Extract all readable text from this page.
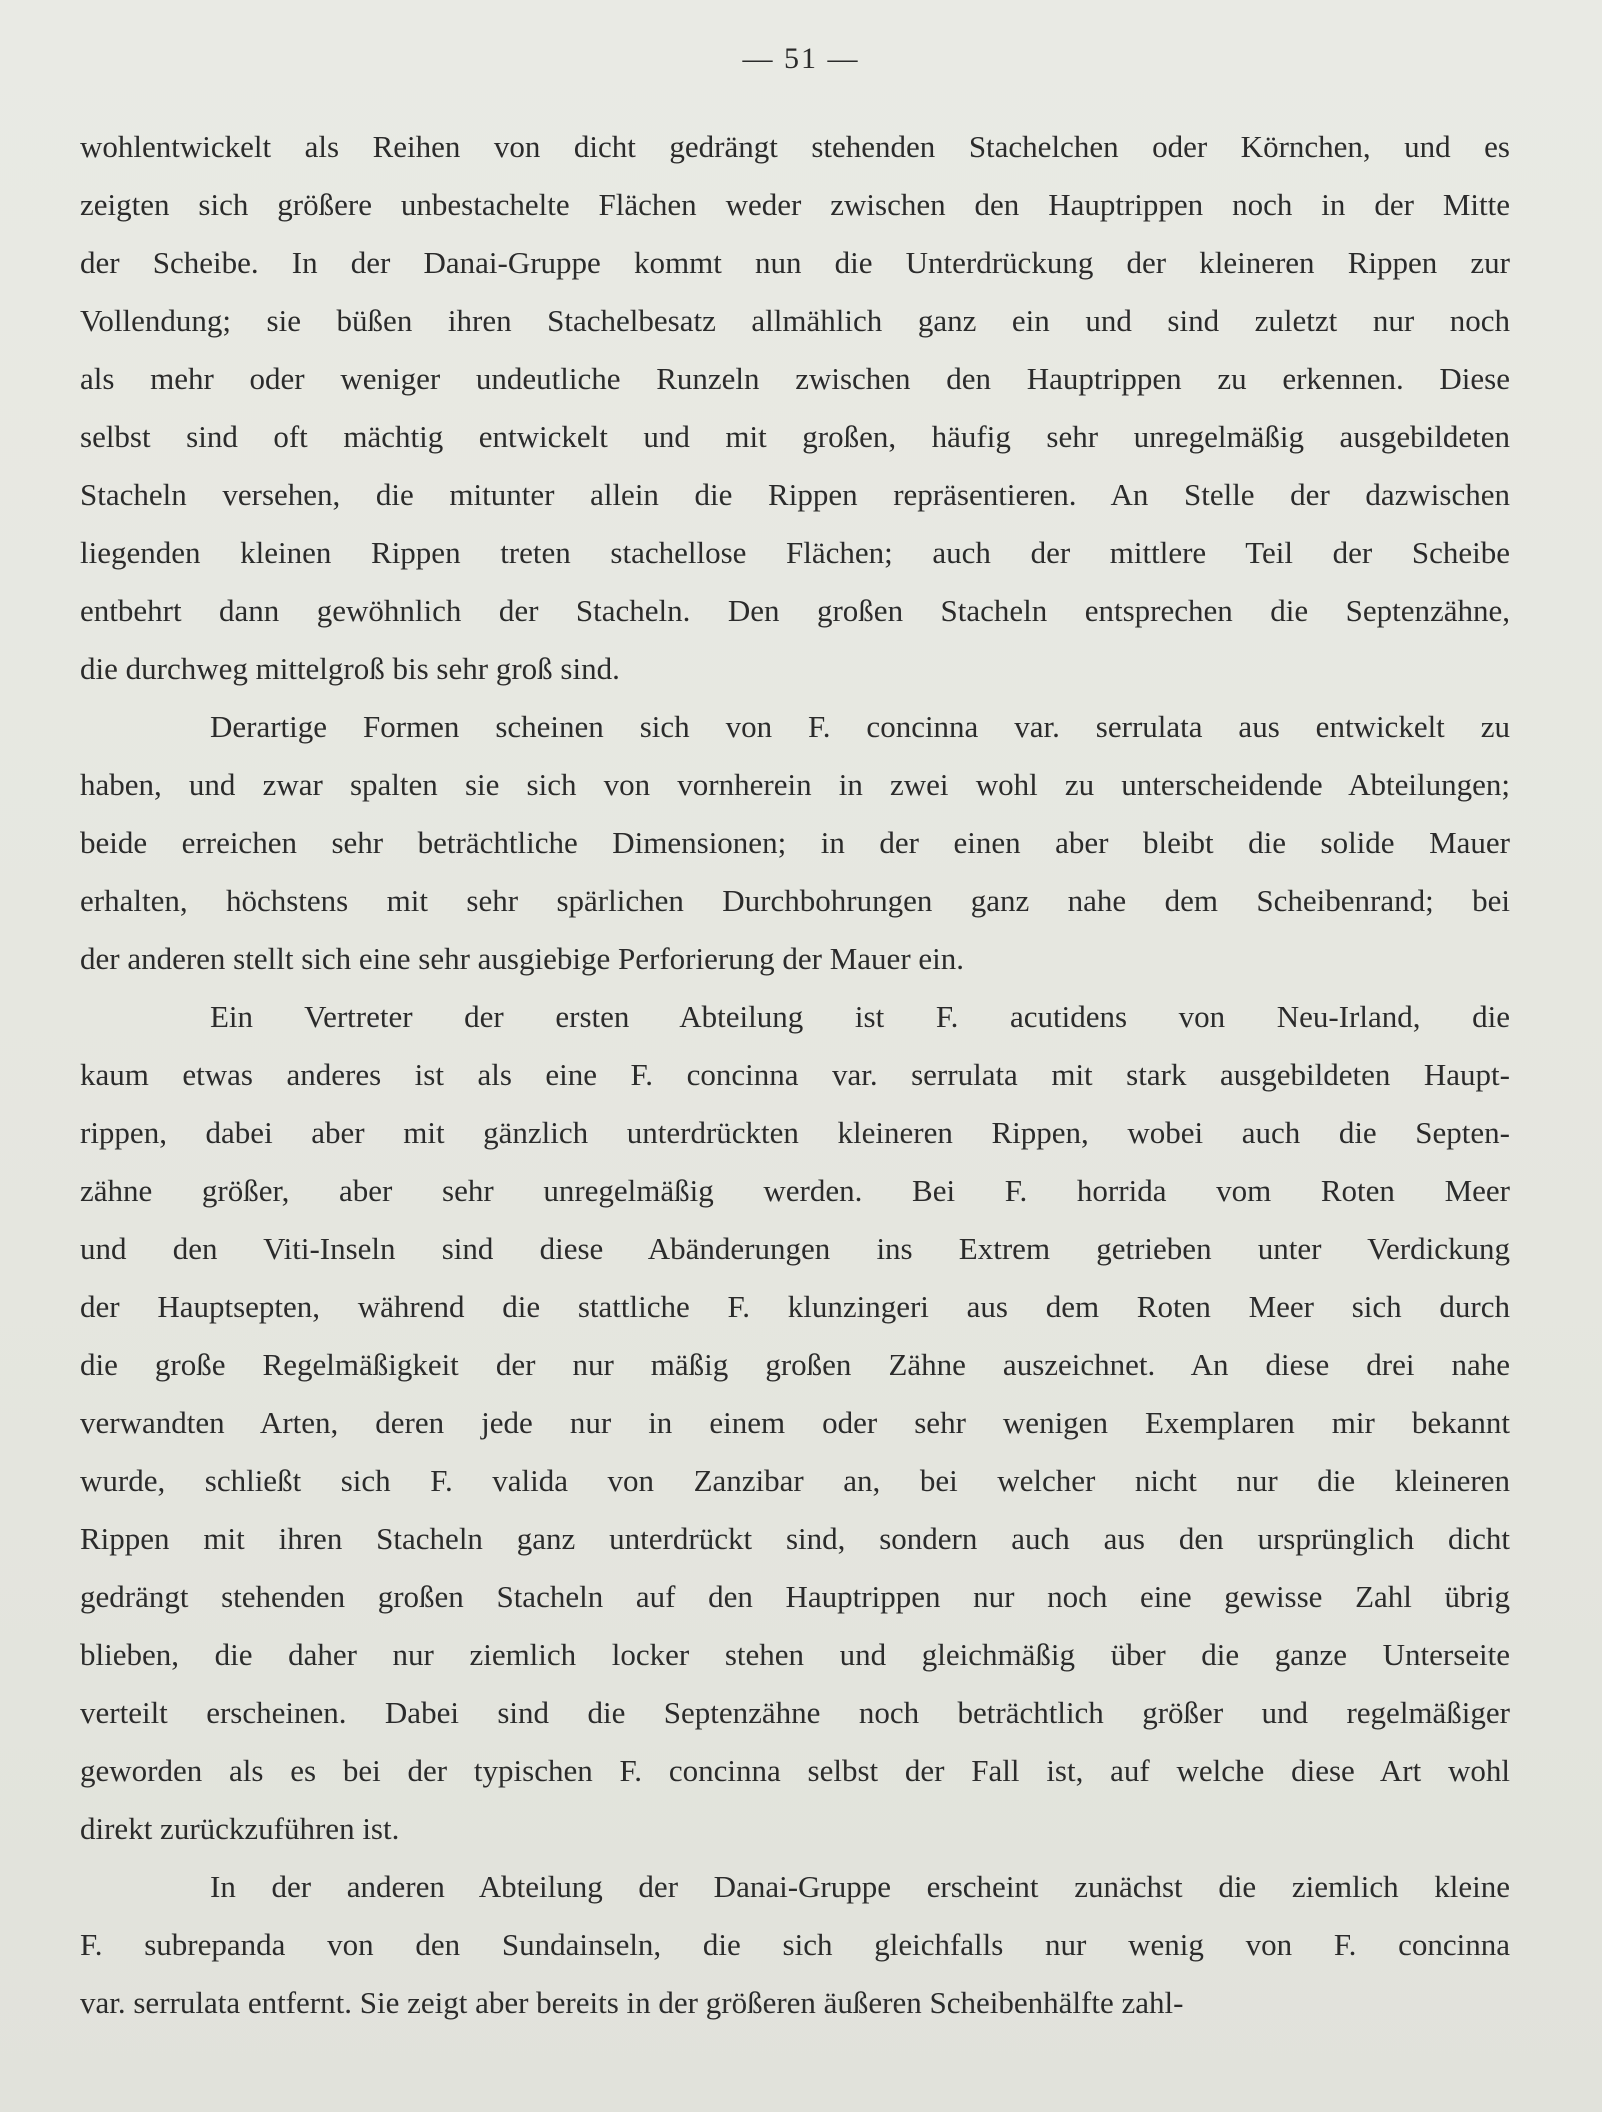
— 51 —
wohlentwickelt als Reihen von dicht gedrängt stehenden Stachelchen oder Körnchen, und es
zeigten sich größere unbestachelte Flächen weder zwischen den Hauptrippen noch in der Mitte
der Scheibe. In der Danai-Gruppe kommt nun die Unterdrückung der kleineren Rippen zur
Vollendung; sie büßen ihren Stachelbesatz allmählich ganz ein und sind zuletzt nur noch
als mehr oder weniger undeutliche Runzeln zwischen den Hauptrippen zu erkennen. Diese
selbst sind oft mächtig entwickelt und mit großen, häufig sehr unregelmäßig ausgebildeten
Stacheln versehen, die mitunter allein die Rippen repräsentieren. An Stelle der dazwischen
liegenden kleinen Rippen treten stachellose Flächen; auch der mittlere Teil der Scheibe
entbehrt dann gewöhnlich der Stacheln. Den großen Stacheln entsprechen die Septenzähne,
die durchweg mittelgroß bis sehr groß sind.
Derartige Formen scheinen sich von F. concinna var. serrulata aus entwickelt zu
haben, und zwar spalten sie sich von vornherein in zwei wohl zu unterscheidende Abteilungen;
beide erreichen sehr beträchtliche Dimensionen; in der einen aber bleibt die solide Mauer
erhalten, höchstens mit sehr spärlichen Durchbohrungen ganz nahe dem Scheibenrand; bei
der anderen stellt sich eine sehr ausgiebige Perforierung der Mauer ein.
Ein Vertreter der ersten Abteilung ist F. acutidens von Neu-Irland, die
kaum etwas anderes ist als eine F. concinna var. serrulata mit stark ausgebildeten Haupt-
rippen, dabei aber mit gänzlich unterdrückten kleineren Rippen, wobei auch die Septen-
zähne größer, aber sehr unregelmäßig werden. Bei F. horrida vom Roten Meer
und den Viti-Inseln sind diese Abänderungen ins Extrem getrieben unter Verdickung
der Hauptsepten, während die stattliche F. klunzingeri aus dem Roten Meer sich durch
die große Regelmäßigkeit der nur mäßig großen Zähne auszeichnet. An diese drei nahe
verwandten Arten, deren jede nur in einem oder sehr wenigen Exemplaren mir bekannt
wurde, schließt sich F. valida von Zanzibar an, bei welcher nicht nur die kleineren
Rippen mit ihren Stacheln ganz unterdrückt sind, sondern auch aus den ursprünglich dicht
gedrängt stehenden großen Stacheln auf den Hauptrippen nur noch eine gewisse Zahl übrig
blieben, die daher nur ziemlich locker stehen und gleichmäßig über die ganze Unterseite
verteilt erscheinen. Dabei sind die Septenzähne noch beträchtlich größer und regelmäßiger
geworden als es bei der typischen F. concinna selbst der Fall ist, auf welche diese Art wohl
direkt zurückzuführen ist.
In der anderen Abteilung der Danai-Gruppe erscheint zunächst die ziemlich kleine
F. subrepanda von den Sundainseln, die sich gleichfalls nur wenig von F. concinna
var. serrulata entfernt. Sie zeigt aber bereits in der größeren äußeren Scheibenhälfte zahl-
